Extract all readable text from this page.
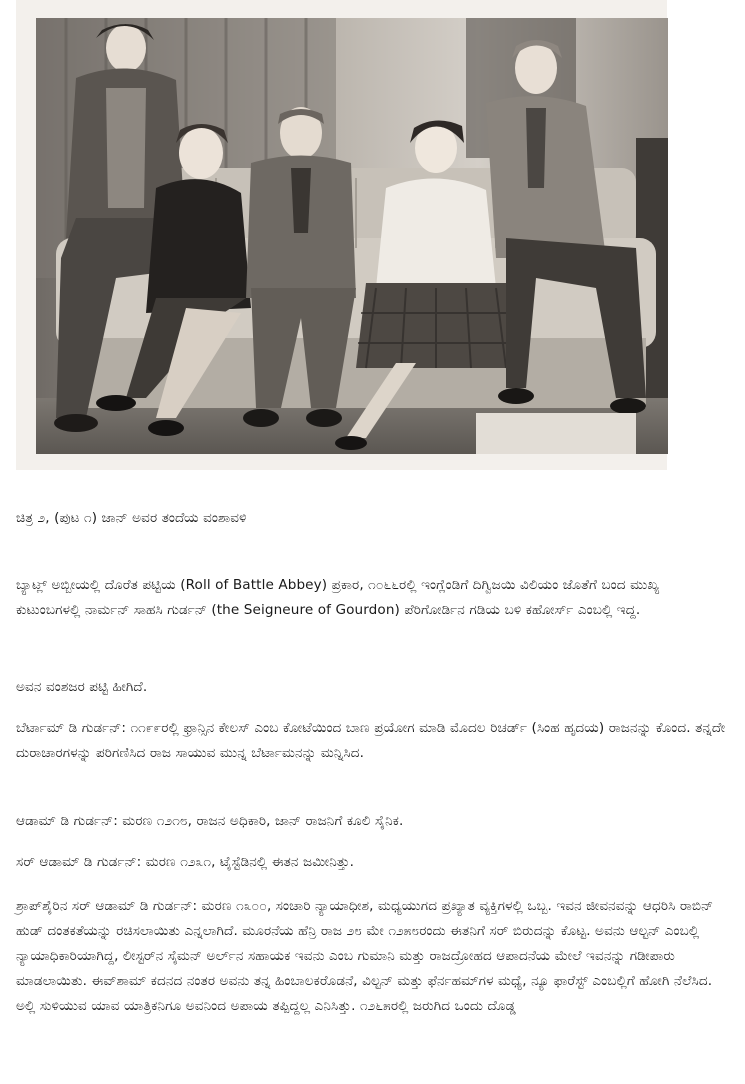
ಚಿತ್ರ ೨, (ಪುಟ ೧) ಜಾನ್ ಅವರ ತಂದೆಯ ವಂಶಾವಳಿ

ಬ್ಯಾಟ್ಲ್ ಅಬ್ಬೀಯಲ್ಲಿ ದೊರೆತ ಪಟ್ಟಿಯ (Roll of Battle Abbey) ಪ್ರಕಾರ, ೧೦೬೬ರಲ್ಲಿ ಇಂಗ್ಲೆಂಡಿಗೆ ದಿಗ್ವಿಜಯಿ ವಿಲಿಯಂ ಜೊತೆಗೆ ಬಂದ ಮುಖ್ಯ ಕುಟುಂಬಗಳಲ್ಲಿ ನಾರ್ಮನ್ ಸಾಹಸಿ ಗುರ್ಡನ್ (the Seigneure of Gourdon) ಪೆರಿಗೋರ್ಡಿನ ಗಡಿಯ ಬಳಿ ಕಹೋರ್ಸ್ ಎಂಬಲ್ಲಿ ಇದ್ದ.

ಅವನ ವಂಶಜರ ಪಟ್ಟಿ ಹೀಗಿದೆ.

ಬೆರ್ಟಾಮ್ ಡಿ ಗುರ್ಡನ್: ೧೧೯೯ರಲ್ಲಿ ಫ್ರಾನ್ಸಿನ ಕೇಲಸ್ ಎಂಬ ಕೋಟೆಯಿಂದ ಬಾಣ ಪ್ರಯೋಗ ಮಾಡಿ ಮೊದಲ ರಿಚರ್ಡ್ (ಸಿಂಹ ಹೃದಯ) ರಾಜನನ್ನು ಕೊಂದ. ತನ್ನದೇ ದುರಾಚಾರಗಳನ್ನು ಪರಿಗಣಿಸಿದ ರಾಜ ಸಾಯುವ ಮುನ್ನ ಬೆರ್ಟಾಮನನ್ನು ಮನ್ನಿಸಿದ.

ಆಡಾಮ್ ಡಿ ಗುರ್ಡನ್: ಮರಣ ೧೨೧೮, ರಾಜನ ಅಧಿಕಾರಿ, ಜಾನ್ ರಾಜನಿಗೆ ಕೂಲಿ ಸೈನಿಕ.

ಸರ್ ಆಡಾಮ್ ಡಿ ಗುರ್ಡನ್: ಮರಣ ೧೨೩೧, ಟೈಸ್ಟೆಡಿನಲ್ಲಿ ಈತನ ಜಮೀನಿತ್ತು.

ಶ್ರಾಪ್‌ಶೈರಿನ ಸರ್ ಆಡಾಮ್ ಡಿ ಗುರ್ಡನ್: ಮರಣ ೧೩೦೦, ಸಂಚಾರಿ ನ್ಯಾಯಾಧೀಶ, ಮಧ್ಯಯುಗದ ಪ್ರಖ್ಯಾತ ವ್ಯಕ್ತಿಗಳಲ್ಲಿ ಒಬ್ಬ. ಇವನ ಜೀವನವನ್ನು ಆಧರಿಸಿ ರಾಬಿನ್ ಹುಡ್ ದಂತಕತೆಯನ್ನು ರಚಿಸಲಾಯಿತು ಎನ್ನಲಾಗಿದೆ. ಮೂರನೆಯ ಹೆನ್ರಿ ರಾಜ ೨೮ ಮೇ ೧೨೫೮ರಂದು ಈತನಿಗೆ ಸರ್ ಬಿರುದನ್ನು ಕೊಟ್ಟ. ಅವನು ಆಲ್ಟನ್ ಎಂಬಲ್ಲಿ ನ್ಯಾಯಾಧಿಕಾರಿಯಾಗಿದ್ದ, ಲೀಸ್ಟರ್‌ನ ಸೈಮನ್ ಅರ್ಲ್‌ನ ಸಹಾಯಕ ಇವನು ಎಂಬ ಗುಮಾನಿ ಮತ್ತು ರಾಜದ್ರೋಹದ ಆಪಾದನೆಯ ಮೇಲೆ ಇವನನ್ನು ಗಡೀಪಾರು ಮಾಡಲಾಯಿತು. ಈವ್‌ಶಾಮ್ ಕದನದ ನಂತರ ಅವನು ತನ್ನ ಹಿಂಬಾಲಕರೊಡನೆ, ವಿಲ್ಟನ್ ಮತ್ತು ಫೆರ್ನಹಮ್‌ಗಳ ಮಧ್ಯೆ, ನ್ಯೂ ಫಾರೆಸ್ಟ್ ಎಂಬಲ್ಲಿಗೆ ಹೋಗಿ ನೆಲೆಸಿದ. ಅಲ್ಲಿ ಸುಳಿಯುವ ಯಾವ ಯಾತ್ರಿಕನಿಗೂ ಅವನಿಂದ ಅಪಾಯ ತಪ್ಪಿದ್ದಲ್ಲ ಎನಿಸಿತ್ತು. ೧೨೬೫ರಲ್ಲಿ ಜರುಗಿದ ಒಂದು ದೊಡ್ಡ
